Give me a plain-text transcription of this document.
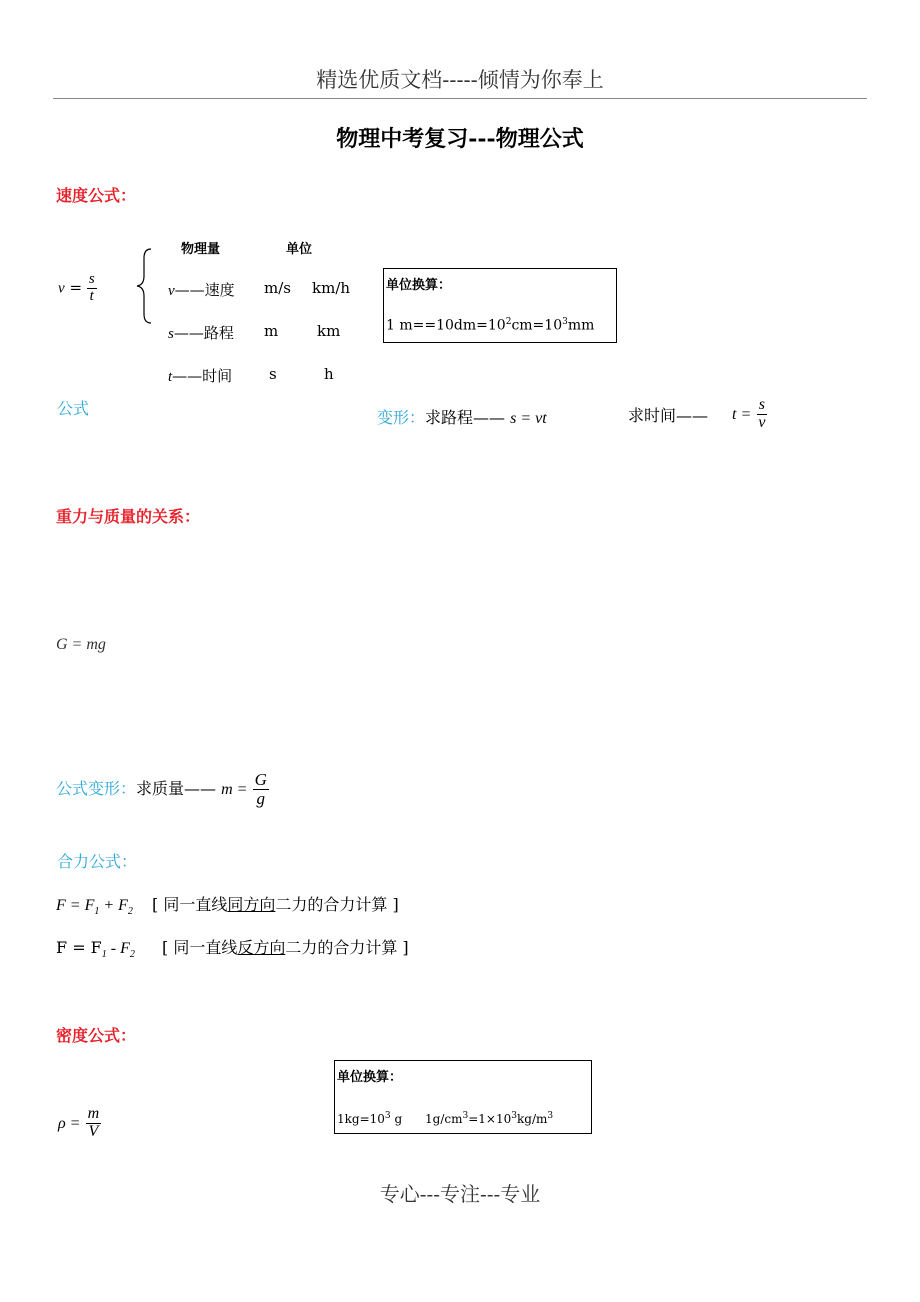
精选优质文档-----倾情为你奉上
物理中考复习---物理公式
速度公式：
$v = \frac{s}{t}$
物理量	单位
v——速度 m/s km/h
s——路程 m	km
t——时间 s	h
单位换算：
1 $m==10dm=10^2cm=10^3mm$
公式	变形：求路程—— s = vt	求时间—— $t = \frac{s}{v}$
重力与质量的关系：
G = mg
公式变形：求质量—— $m = \frac{G}{g}$
合力公式：
$F = F_1 + F_2$ [ 同一直线同方向二力的合力计算 ]
$F = F_1 - F_2$ [ 同一直线反方向二力的合力计算 ]
密度公式：
单位换算：
$1kg=10^3$ g      $1g/cm^3=1\times 10^3kg/m^3$
$\rho = \frac{m}{V}$
专心---专注---专业
